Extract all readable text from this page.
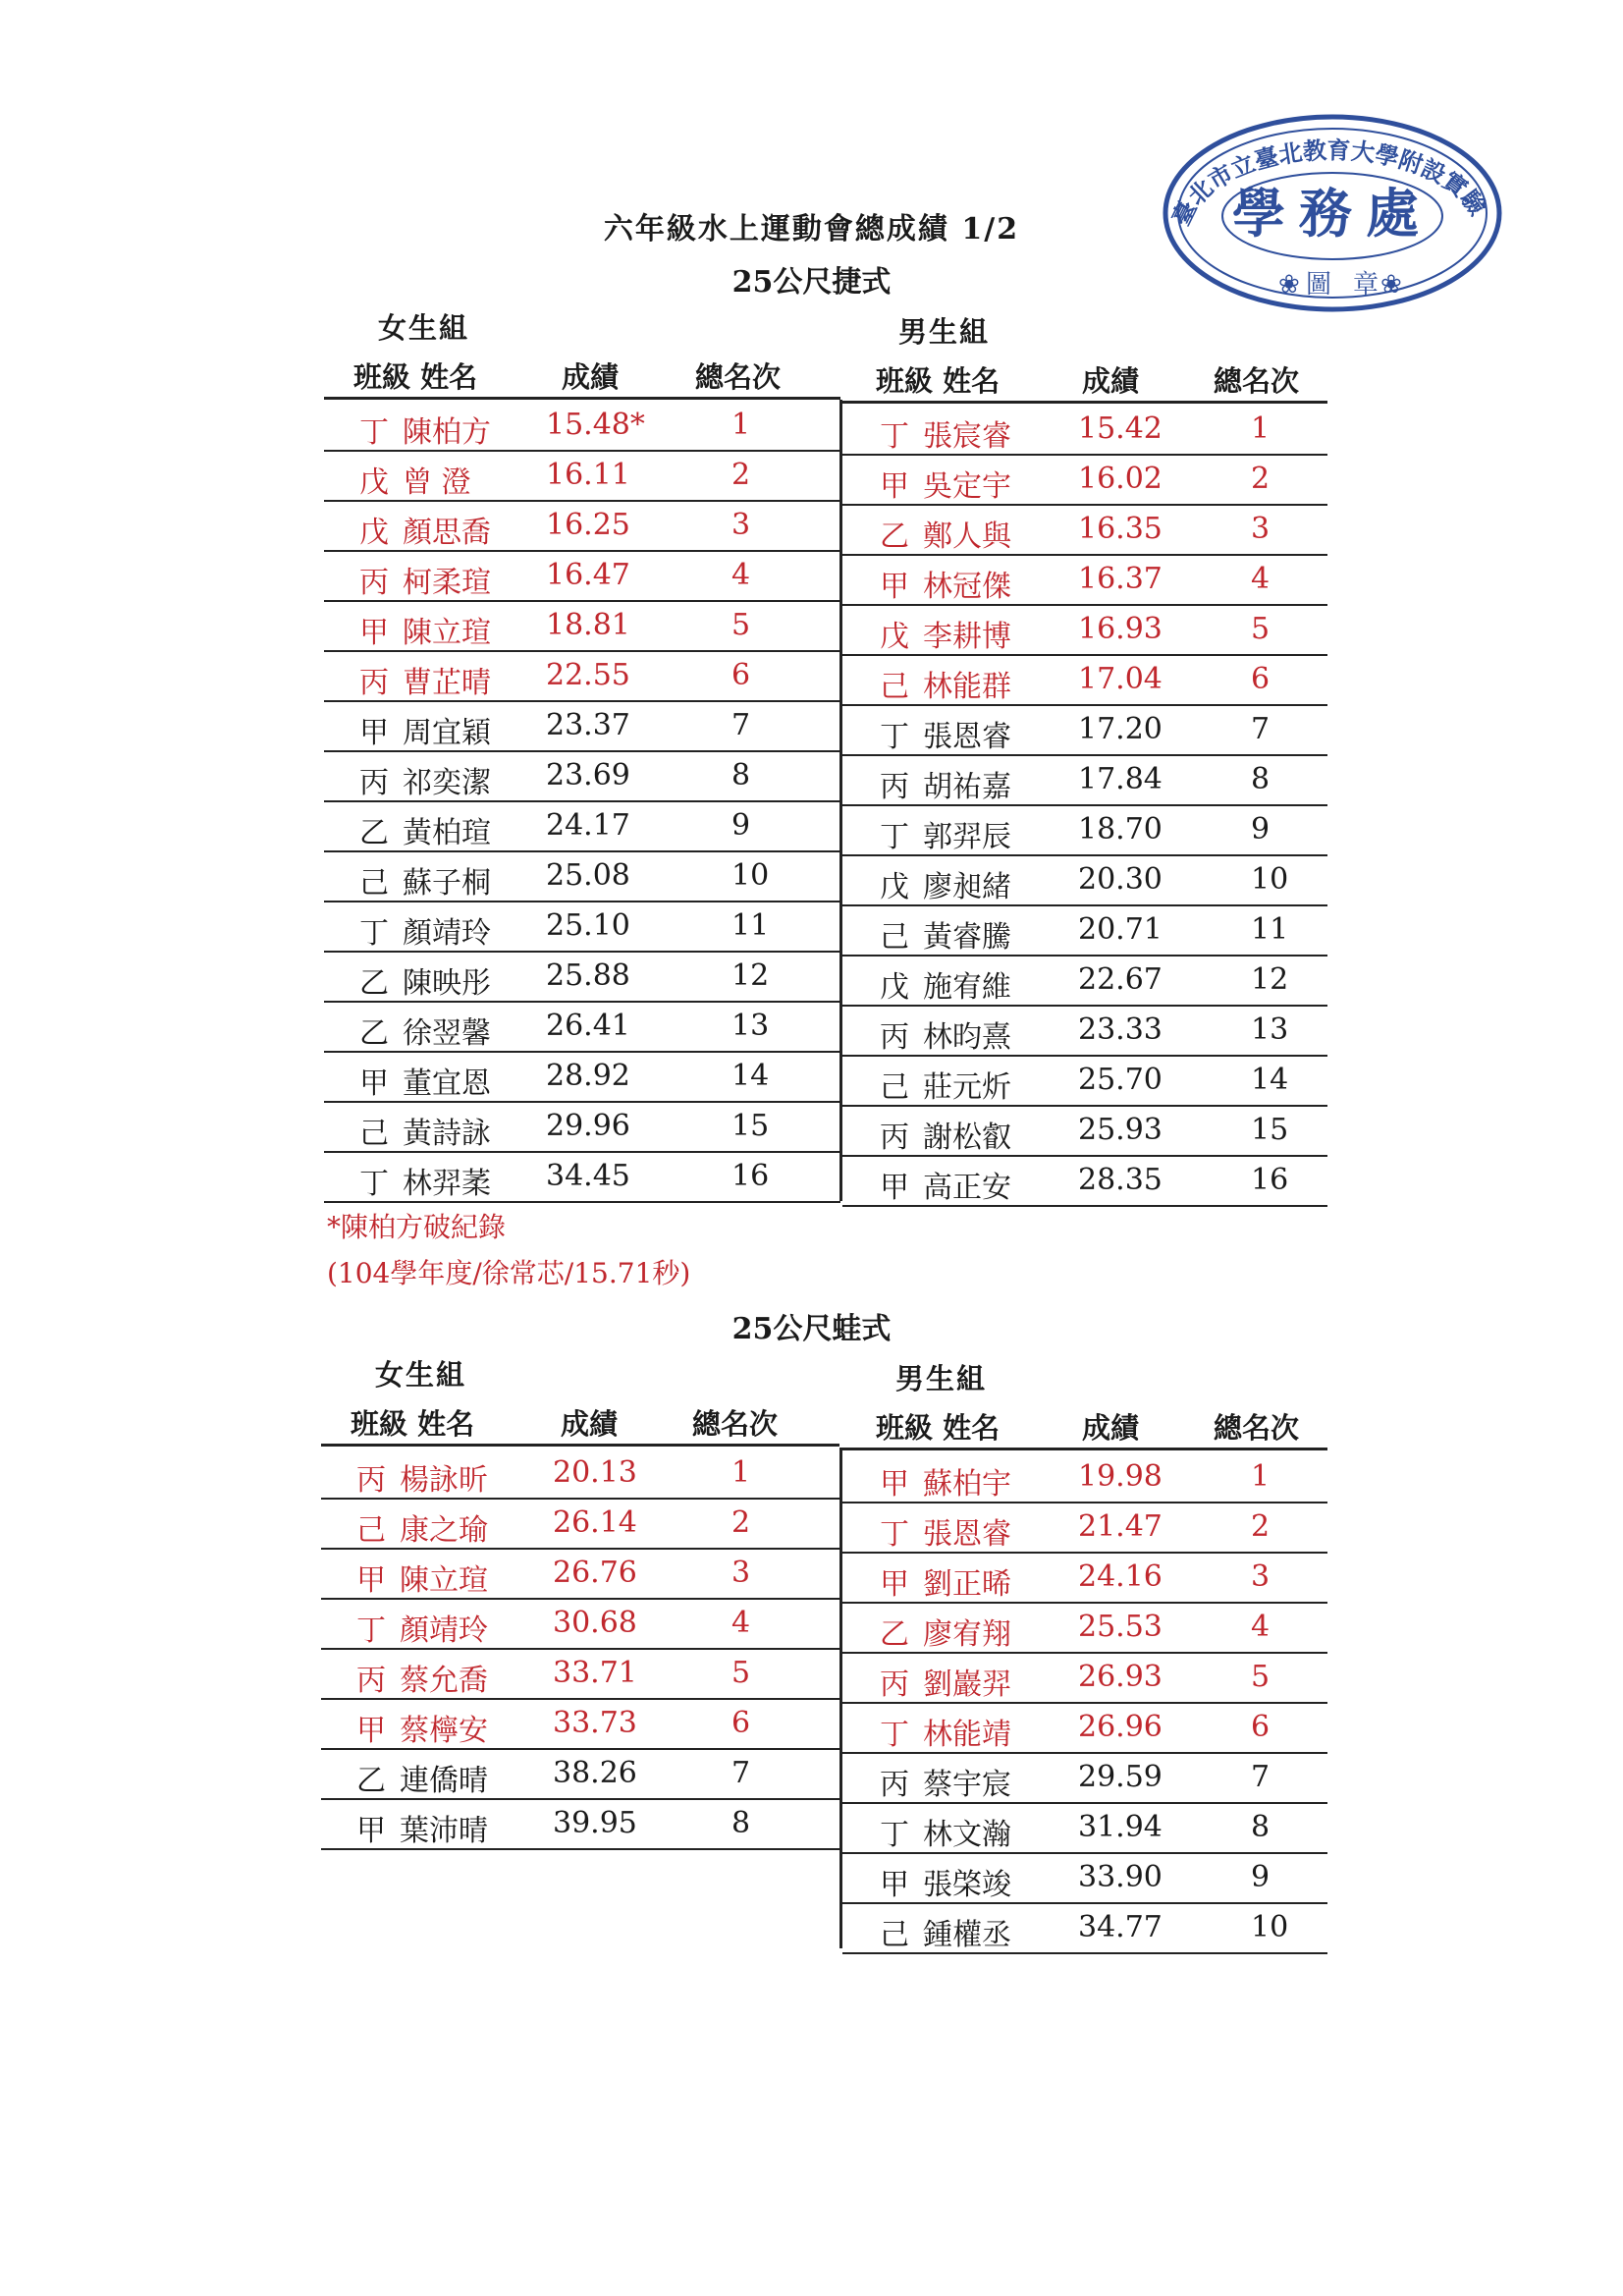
學務處
❀ 圖 章 ❀
臺北市立臺北教育大學附設實驗
六年級水上運動會總成績 1/2
25公尺捷式
女生組	男生組
班級 姓名	成績	總名次	班級 姓名	成績	總名次
丁 陳柏方 15.48*	1
戊 曾 澄	16.11	2
戊 顏思喬 16.25	3
丙 柯柔瑄 16.47	4
甲 陳立瑄 18.81	5
丙 曹芷晴 22.55	6
甲 周宜穎 23.37	7
丙 祁奕潔 23.69	8
乙 黃柏瑄 24.17	9
己 蘇子桐 25.08	10
丁 顏靖玲 25.10	11
乙 陳映彤 25.88	12
乙 徐翌馨 26.41	13
甲 董宜恩 28.92	14
己 黃詩詠 29.96	15
丁 林羿葇 34.45	16
丁 張宸睿 15.42	1
甲 吳定宇 16.02	2
乙 鄭人與 16.35	3
甲 林冠傑 16.37	4
戊 李耕博 16.93	5
己 林能群 17.04	6
丁 張恩睿 17.20	7
丙 胡祐嘉 17.84	8
丁 郭羿辰 18.70	9
戊 廖昶緒 20.30	10
己 黃睿騰 20.71	11
戊 施宥維 22.67	12
丙 林昀熹 23.33	13
己 莊元炘 25.70	14
丙 謝松叡 25.93	15
甲 高正安 28.35	16
*陳柏方破紀錄
(104學年度/徐常芯/15.71秒)
25公尺蛙式
女生組	男生組
班級 姓名	成績	總名次	班級 姓名	成績	總名次
丙 楊詠昕 20.13	1
己 康之瑜 26.14	2
甲 陳立瑄 26.76	3
丁 顏靖玲 30.68	4
丙 蔡允喬 33.71	5
甲 蔡檸安 33.73	6
乙 連僑晴 38.26	7
甲 葉沛晴 39.95	8
甲 蘇柏宇 19.98	1
丁 張恩睿 21.47	2
甲 劉正晞 24.16	3
乙 廖宥翔 25.53	4
丙 劉巖羿 26.93	5
丁 林能靖 26.96	6
丙 蔡宇宸 29.59	7
丁 林文瀚 31.94	8
甲 張棨竣 33.90	9
己 鍾權丞 34.77	10
